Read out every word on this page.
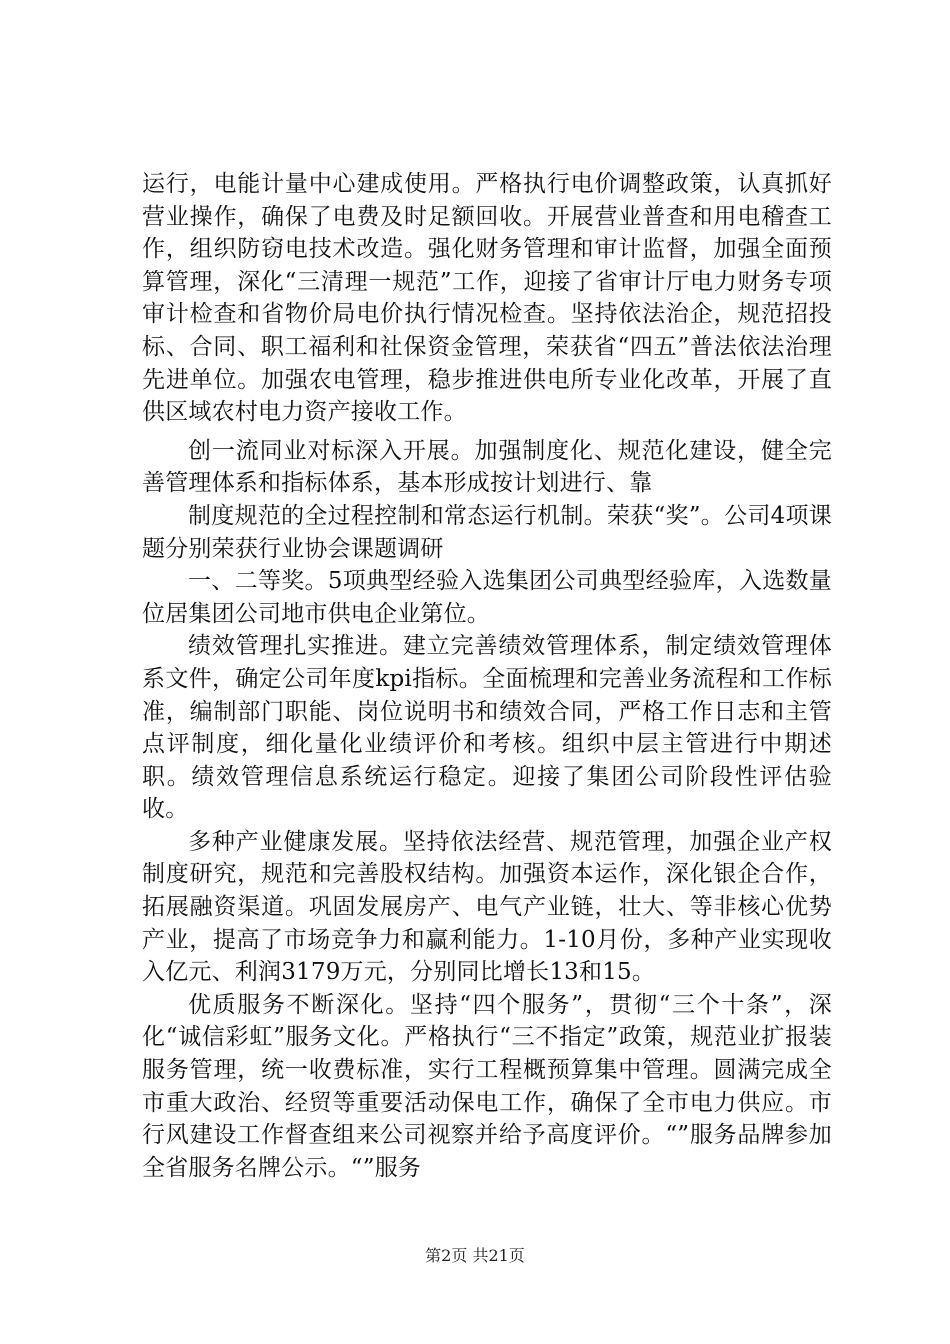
运行，电能计量中心建成使用。严格执行电价调整政策，认真抓好营业操作，确保了电费及时足额回收。开展营业普查和用电稽查工作，组织防窃电技术改造。强化财务管理和审计监督，加强全面预算管理，深化“三清理一规范”工作，迎接了省审计厅电力财务专项审计检查和省物价局电价执行情况检查。坚持依法治企，规范招投标、合同、职工福利和社保资金管理，荣获省“四五”普法依法治理先进单位。加强农电管理，稳步推进供电所专业化改革，开展了直供区域农村电力资产接收工作。

创一流同业对标深入开展。加强制度化、规范化建设，健全完善管理体系和指标体系，基本形成按计划进行、靠

制度规范的全过程控制和常态运行机制。荣获“奖”。公司4项课题分别荣获行业协会课题调研

一、二等奖。5项典型经验入选集团公司典型经验库，入选数量位居集团公司地市供电企业第位。

绩效管理扎实推进。建立完善绩效管理体系，制定绩效管理体系文件，确定公司年度kpi指标。全面梳理和完善业务流程和工作标准，编制部门职能、岗位说明书和绩效合同，严格工作日志和主管点评制度，细化量化业绩评价和考核。组织中层主管进行中期述职。绩效管理信息系统运行稳定。迎接了集团公司阶段性评估验收。

多种产业健康发展。坚持依法经营、规范管理，加强企业产权制度研究，规范和完善股权结构。加强资本运作，深化银企合作，拓展融资渠道。巩固发展房产、电气产业链，壮大、等非核心优势产业，提高了市场竞争力和赢利能力。1-10月份，多种产业实现收入亿元、利润3179万元，分别同比增长13和15。

优质服务不断深化。坚持“四个服务”，贯彻“三个十条”，深化“诚信彩虹”服务文化。严格执行“三不指定”政策，规范业扩报装服务管理，统一收费标准，实行工程概预算集中管理。圆满完成全市重大政治、经贸等重要活动保电工作，确保了全市电力供应。市行风建设工作督查组来公司视察并给予高度评价。“”服务品牌参加全省服务名牌公示。“”服务

第2页 共21页
